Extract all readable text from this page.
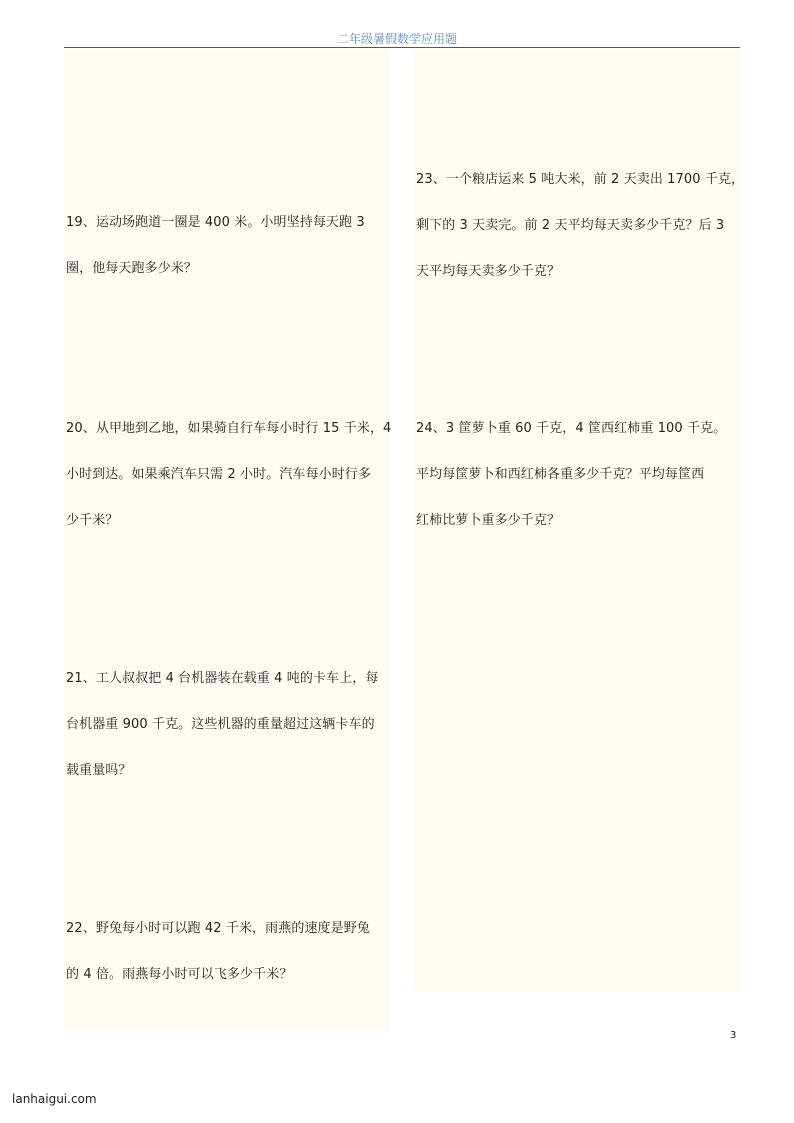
二年级暑假数学应用题

19、运动场跑道一圈是 400 米。小明坚持每天跑 3

圈，他每天跑多少米？

20、从甲地到乙地，如果骑自行车每小时行 15 千米，4

小时到达。如果乘汽车只需 2 小时。汽车每小时行多

少千米？

21、工人叔叔把 4 台机器装在载重 4 吨的卡车上，每

台机器重 900 千克。这些机器的重量超过这辆卡车的

载重量吗？

22、野兔每小时可以跑 42 千米，雨燕的速度是野兔

的 4 倍。雨燕每小时可以飞多少千米？

23、一个粮店运来 5 吨大米，前 2 天卖出 1700 千克，

剩下的 3 天卖完。前 2 天平均每天卖多少千克？后 3

天平均每天卖多少千克？

24、3 筐萝卜重 60 千克，4 筐西红柿重 100 千克。

平均每筐萝卜和西红柿各重多少千克？平均每筐西

红柿比萝卜重多少千克？

3
lanhaigui.com
